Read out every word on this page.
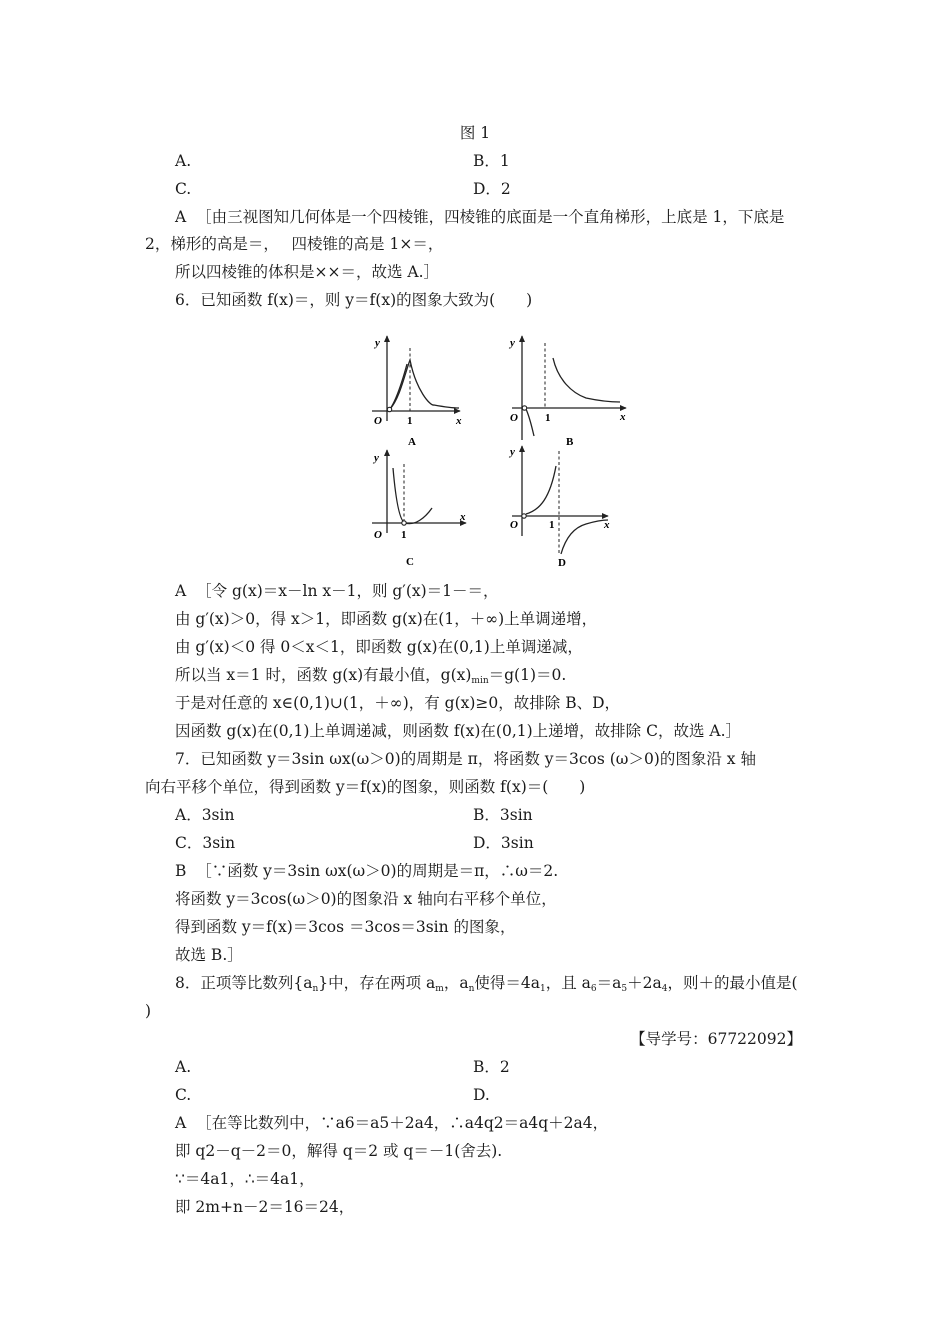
图 1
A.	B．1
C.	D．2
A ［由三视图知几何体是一个四棱锥，四棱锥的底面是一个直角梯形，上底是 1，下底是
2，梯形的高是＝，　 四棱锥的高是 1×＝，
所以四棱锥的体积是××＝，故选 A.］
6．已知函数 f(x)＝，则 y＝f(x)的图象大致为(　　)
y
x
O 1
A
y
x
O 1
B
y
x
O 1
C
y
x
O	1
D
A ［令 g(x)＝x－ln x－1，则 g′(x)＝1－＝，
由 g′(x)＞0，得 x＞1，即函数 g(x)在(1，＋∞)上单调递增，
由 g′(x)＜0 得 0＜x＜1，即函数 g(x)在(0,1)上单调递减，
所以当 x＝1 时，函数 g(x)有最小值，$g(x)_{min}=g(1)=0$.
于是对任意的 x∈(0,1)∪(1，＋∞)，有 g(x)≥0，故排除 B、D，
因函数 g(x)在(0,1)上单调递减，则函数 f(x)在(0,1)上递增，故排除 C，故选 A.］
7．已知函数 y＝3sin ωx(ω＞0)的周期是 π，将函数 y＝3cos (ω＞0)的图象沿 x 轴
向右平移个单位，得到函数 y＝f(x)的图象，则函数 f(x)＝(　　)
A．3sin	B．3sin
C．3sin	D．3sin
B ［∵函数 y＝3sin ωx(ω＞0)的周期是＝π，∴ω＝2.
将函数 y＝3cos(ω＞0)的图象沿 x 轴向右平移个单位，
得到函数 y＝f(x)＝3cos ＝3cos＝3sin 的图象，
故选 B.］
8．正项等比数列$\{a_n\}$中，存在两项 $a_m$，$a_n$使得$=4a_1$，且 $a_6=a_5+2a_4$，则＋的最小值是(
)
【导学号：67722092】
A.	B．2
C.	D.
A ［在等比数列中，∵a6＝a5＋2a4，∴a4q2＝a4q＋2a4，
即 q2－q－2＝0，解得 q＝2 或 q＝－1(舍去).
∵＝4a1，∴＝4a1，
即 2m+n－2＝16＝24，
